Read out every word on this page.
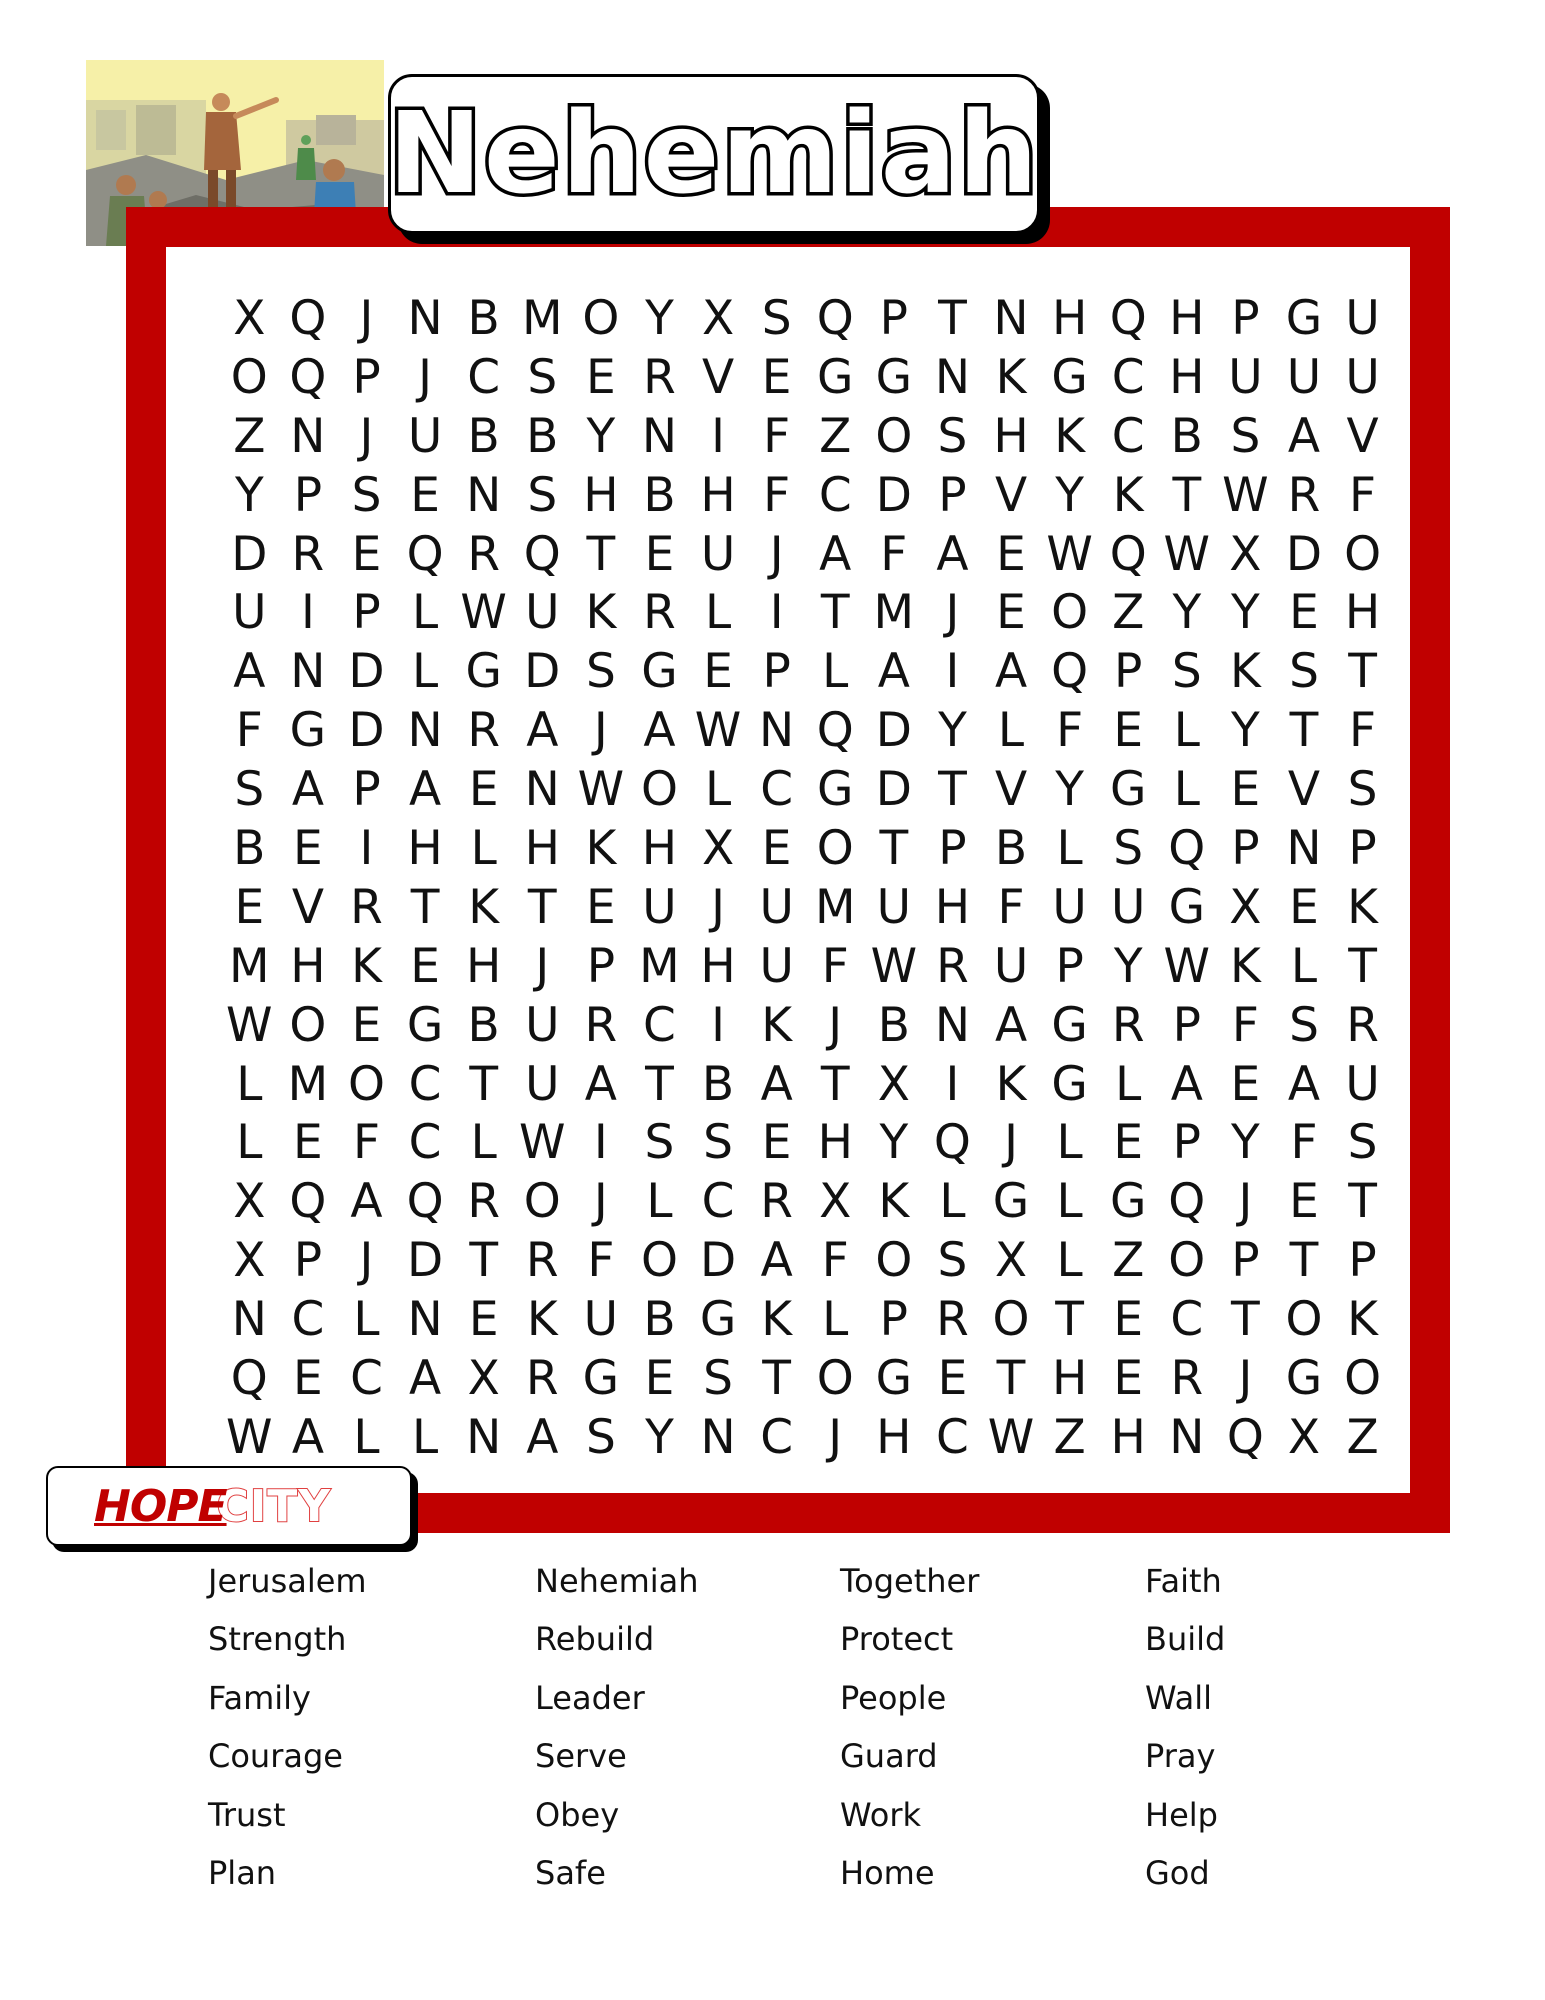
Nehemiah
X Q J N B M O Y X S Q P T N H Q H P G U
O Q P J C S E R V E G G N K G C H U U U
Z N J U B B Y N I F Z O S H K C B S A V
Y P S E N S H B H F C D P V Y K T W R F
D R E Q R Q T E U J A F A E W Q W X D O
U I P L W U K R L I T M J E O Z Y Y E H
A N D L G D S G E P L A I A Q P S K S T
F G D N R A J A W N Q D Y L F E L Y T F
S A P A E N W O L C G D T V Y G L E V S
B E I H L H K H X E O T P B L S Q P N P
E V R T K T E U J U M U H F U U G X E K
M H K E H J P M H U F W R U P Y W K L T
W O E G B U R C I K J B N A G R P F S R
L M O C T U A T B A T X I K G L A E A U
L E F C L W I S S E H Y Q J L E P Y F S
X Q A Q R O J L C R X K L G L G Q J E T
X P J D T R F O D A F O S X L Z O P T P
N C L N E K U B G K L P R O T E C T O K
Q E C A X R G E S T O G E T H E R J G O
W A L L N A S Y N C J H C W Z H N Q X Z
HOPE
CITY
Jerusalem	Nehemiah	Together	Faith
Strength	Rebuild	Protect	Build
Family	Leader	People	Wall
Courage	Serve	Guard	Pray
Trust	Obey	Work	Help
Plan	Safe	Home	God
